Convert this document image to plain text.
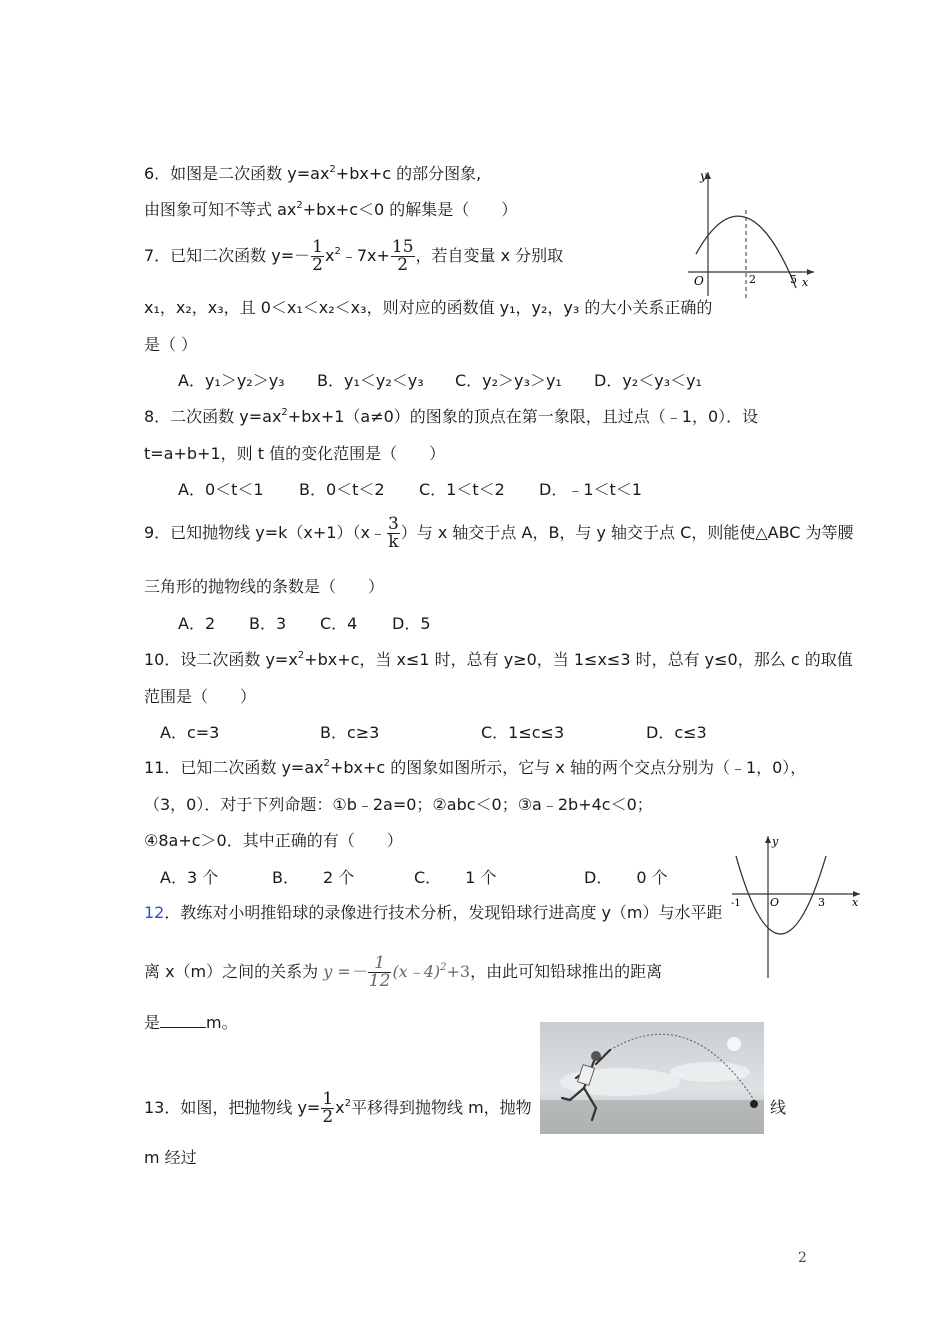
6．如图是二次函数 $y=ax^2+bx+c$ 的部分图象,
由图象可知不等式 $ax^2+bx+c<0$ 的解集是（　　）
y
O	2	5 x
7．已知二次函数 $y=- \frac{1}{2}$ $x^2﹣7x+ \frac{15}{2}$ ，若自变量 x 分别取
x₁，x₂，x₃，且 0＜x₁＜x₂＜x₃，则对应的函数值 y₁，y₂，y₃ 的大小关系正确的
是（ ）
A．y₁＞y₂＞y₃ B．y₁＜y₂＜y₃ C．y₂＞y₃＞y₁ D．y₂＜y₃＜y₁
8．二次函数 $y=ax^2+bx+1(a\ne 0)$的图象的顶点在第一象限，且过点（﹣1，0）．设
t=a+b+1，则 t 值的变化范围是（　　）
A．0＜t＜1 B．0＜t＜2 C．1＜t＜2 D．﹣1＜t＜1
9．已知抛物线 y=k（x+1）（x﹣ $\frac{3}{k}$ ）与 x 轴交于点 A，B，与 y 轴交于点 C，则能使△ABC 为等腰
三角形的抛物线的条数是（　　）
A．2 B．3 C．4 D．5
10．设二次函数 $y=x^2+bx+c$，当 x≤1 时，总有 y≥0，当 1≤x≤3 时，总有 y≤0，那么 c 的取值
范围是（　　）
A．c=3	B．c≥3	C．1≤c≤3	D．c≤3
11．已知二次函数 $y=ax^2+bx+c$ 的图象如图所示，它与 x 轴的两个交点分别为（﹣1，0），
（3，0）．对于下列命题：①b﹣2a=0；②abc＜0；③a﹣2b+4c＜0；
④8a+c＞0．其中正确的有（　　）
A．3 个	B．　　2 个	C．　　1 个	D．　　0 个
y
-1	O	3 x
12．教练对小明推铅球的录像进行技术分析，发现铅球行进高度 y（m）与水平距
离 x（m）之间的关系为 $y =- \frac{1}{12}$ (x﹣4)$^2$+3，由此可知铅球推出的距离
是	m。
13．如图，把抛物线 $y= \frac{1}{2} x^2$平移得到抛物线 m，抛物	线
m 经过
2
